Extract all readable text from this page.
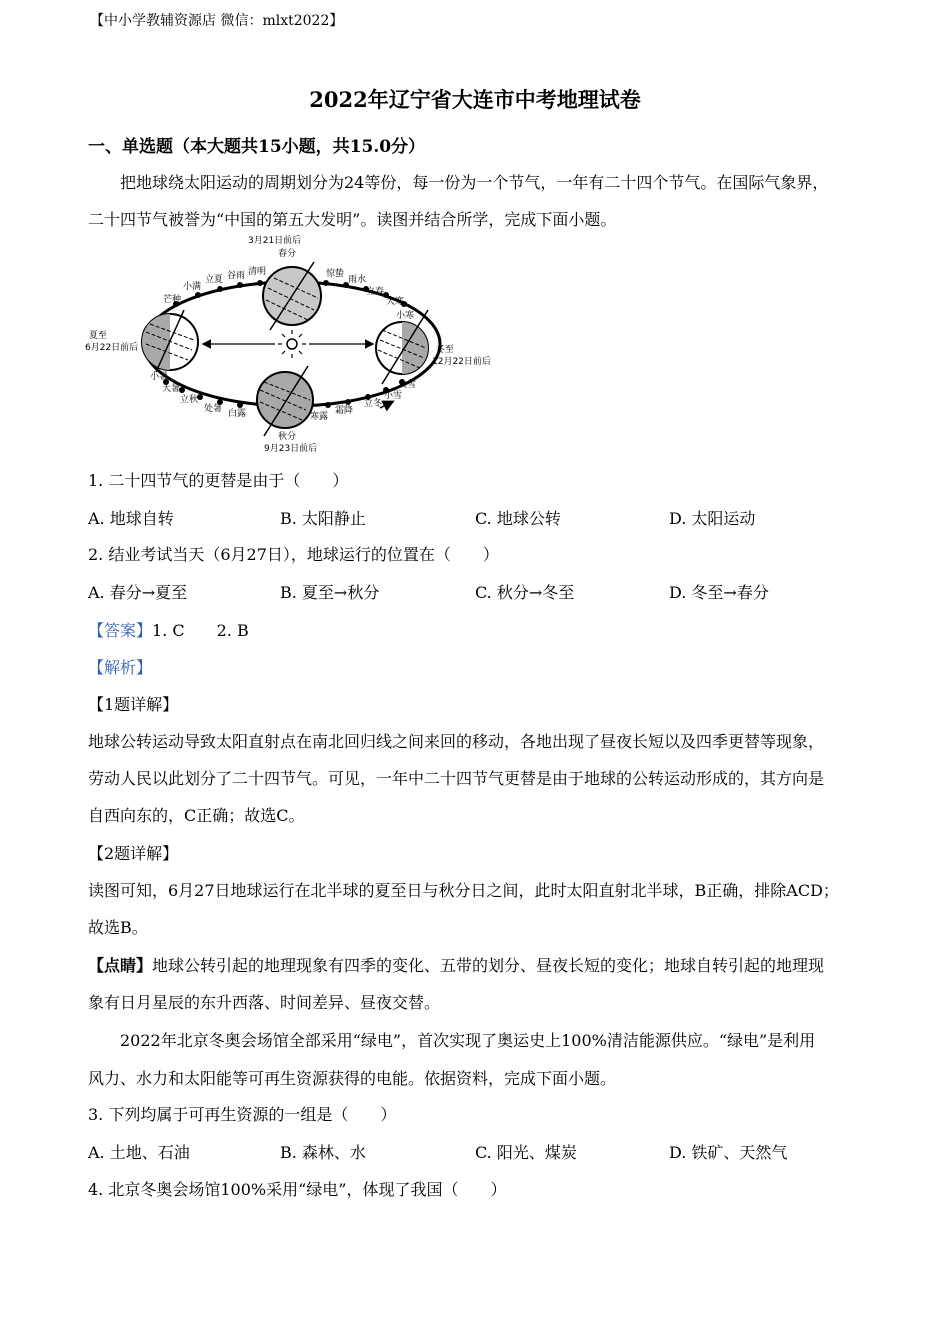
【中小学教辅资源店 微信：mlxt2022】
2022年辽宁省大连市中考地理试卷
一、单选题（本大题共15小题，共15.0分）
把地球绕太阳运动的周期划分为24等份，每一份为一个节气，一年有二十四个节气。在国际气象界，
二十四节气被誉为“中国的第五大发明”。读图并结合所学，完成下面小题。
3月21日前后
春分
夏至
6月22日前后	冬至
12月22日前后
秋分
9月23日前后
立夏 谷雨 清明
小满
芒种
惊蛰
雨水
立春
大寒
小寒
小暑
大暑
立秋
处暑 白露	寒露
霜降
立冬
小雪
大雪
1. 二十四节气的更替是由于（　　）
A. 地球自转	B. 太阳静止	C. 地球公转	D. 太阳运动
2. 结业考试当天（6月27日），地球运行的位置在（　　）
A. 春分→夏至	B. 夏至→秋分	C. 秋分→冬至	D. 冬至→春分
【答案】1. C　　2. B
【解析】
【1题详解】
地球公转运动导致太阳直射点在南北回归线之间来回的移动，各地出现了昼夜长短以及四季更替等现象，
劳动人民以此划分了二十四节气。可见，一年中二十四节气更替是由于地球的公转运动形成的，其方向是
自西向东的，C正确；故选C。
【2题详解】
读图可知，6月27日地球运行在北半球的夏至日与秋分日之间，此时太阳直射北半球，B正确，排除ACD；
故选B。
【点睛】地球公转引起的地理现象有四季的变化、五带的划分、昼夜长短的变化；地球自转引起的地理现
象有日月星辰的东升西落、时间差异、昼夜交替。
2022年北京冬奥会场馆全部采用“绿电”，首次实现了奥运史上100%清洁能源供应。“绿电”是利用
风力、水力和太阳能等可再生资源获得的电能。依据资料，完成下面小题。
3. 下列均属于可再生资源的一组是（　　）
A. 土地、石油	B. 森林、水	C. 阳光、煤炭	D. 铁矿、天然气
4. 北京冬奥会场馆100%采用“绿电”，体现了我国（　　）
